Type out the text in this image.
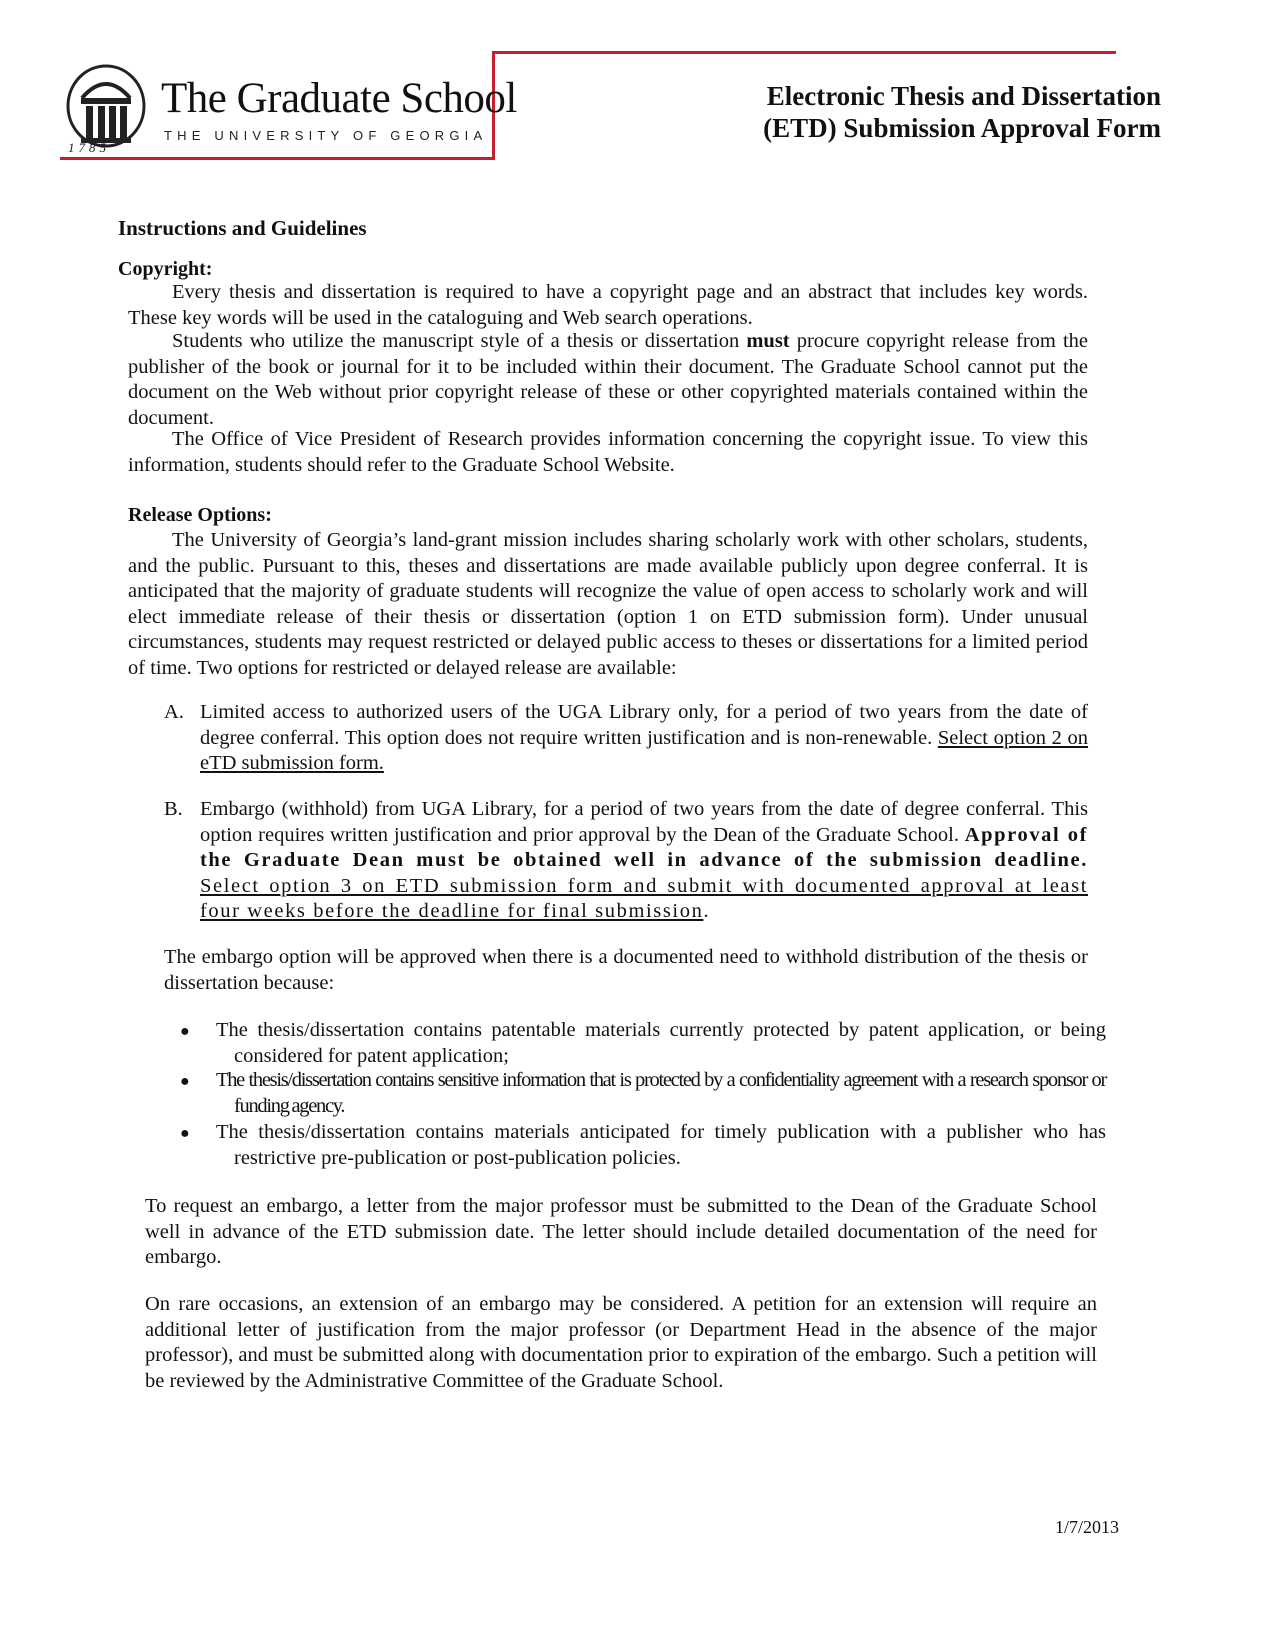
The Graduate School
THE UNIVERSITY OF GEORGIA
1785
Electronic Thesis and Dissertation
(ETD) Submission Approval Form
Instructions and Guidelines
Copyright:

Every thesis and dissertation is required to have a copyright page and an abstract that includes key words. These key words will be used in the cataloguing and Web search operations.

Students who utilize the manuscript style of a thesis or dissertation must procure copyright release from the publisher of the book or journal for it to be included within their document. The Graduate School cannot put the document on the Web without prior copyright release of these or other copyrighted materials contained within the document.

The Office of Vice President of Research provides information concerning the copyright issue. To view this information, students should refer to the Graduate School Website.

Release Options:

The University of Georgia’s land-grant mission includes sharing scholarly work with other scholars, students, and the public. Pursuant to this, theses and dissertations are made available publicly upon degree conferral. It is anticipated that the majority of graduate students will recognize the value of open access to scholarly work and will elect immediate release of their thesis or dissertation (option 1 on ETD submission form). Under unusual circumstances, students may request restricted or delayed public access to theses or dissertations for a limited period of time. Two options for restricted or delayed release are available:

A. Limited access to authorized users of the UGA Library only, for a period of two years from the date of degree conferral. This option does not require written justification and is non-renewable. Select option 2 on eTD submission form.

B. Embargo (withhold) from UGA Library, for a period of two years from the date of degree conferral. This option requires written justification and prior approval by the Dean of the Graduate School. Approval of the Graduate Dean must be obtained well in advance of the submission deadline. Select option 3 on ETD submission form and submit with documented approval at least four weeks before the deadline for final submission.

The embargo option will be approved when there is a documented need to withhold distribution of the thesis or dissertation because:

● The thesis/dissertation contains patentable materials currently protected by patent application, or being considered for patent application;

● The thesis/dissertation contains sensitive information that is protected by a confidentiality agreement with a research sponsor or funding agency.

● The thesis/dissertation contains materials anticipated for timely publication with a publisher who has restrictive pre-publication or post-publication policies.

To request an embargo, a letter from the major professor must be submitted to the Dean of the Graduate School well in advance of the ETD submission date. The letter should include detailed documentation of the need for embargo.

On rare occasions, an extension of an embargo may be considered. A petition for an extension will require an additional letter of justification from the major professor (or Department Head in the absence of the major professor), and must be submitted along with documentation prior to expiration of the embargo. Such a petition will be reviewed by the Administrative Committee of the Graduate School.

1/7/2013
